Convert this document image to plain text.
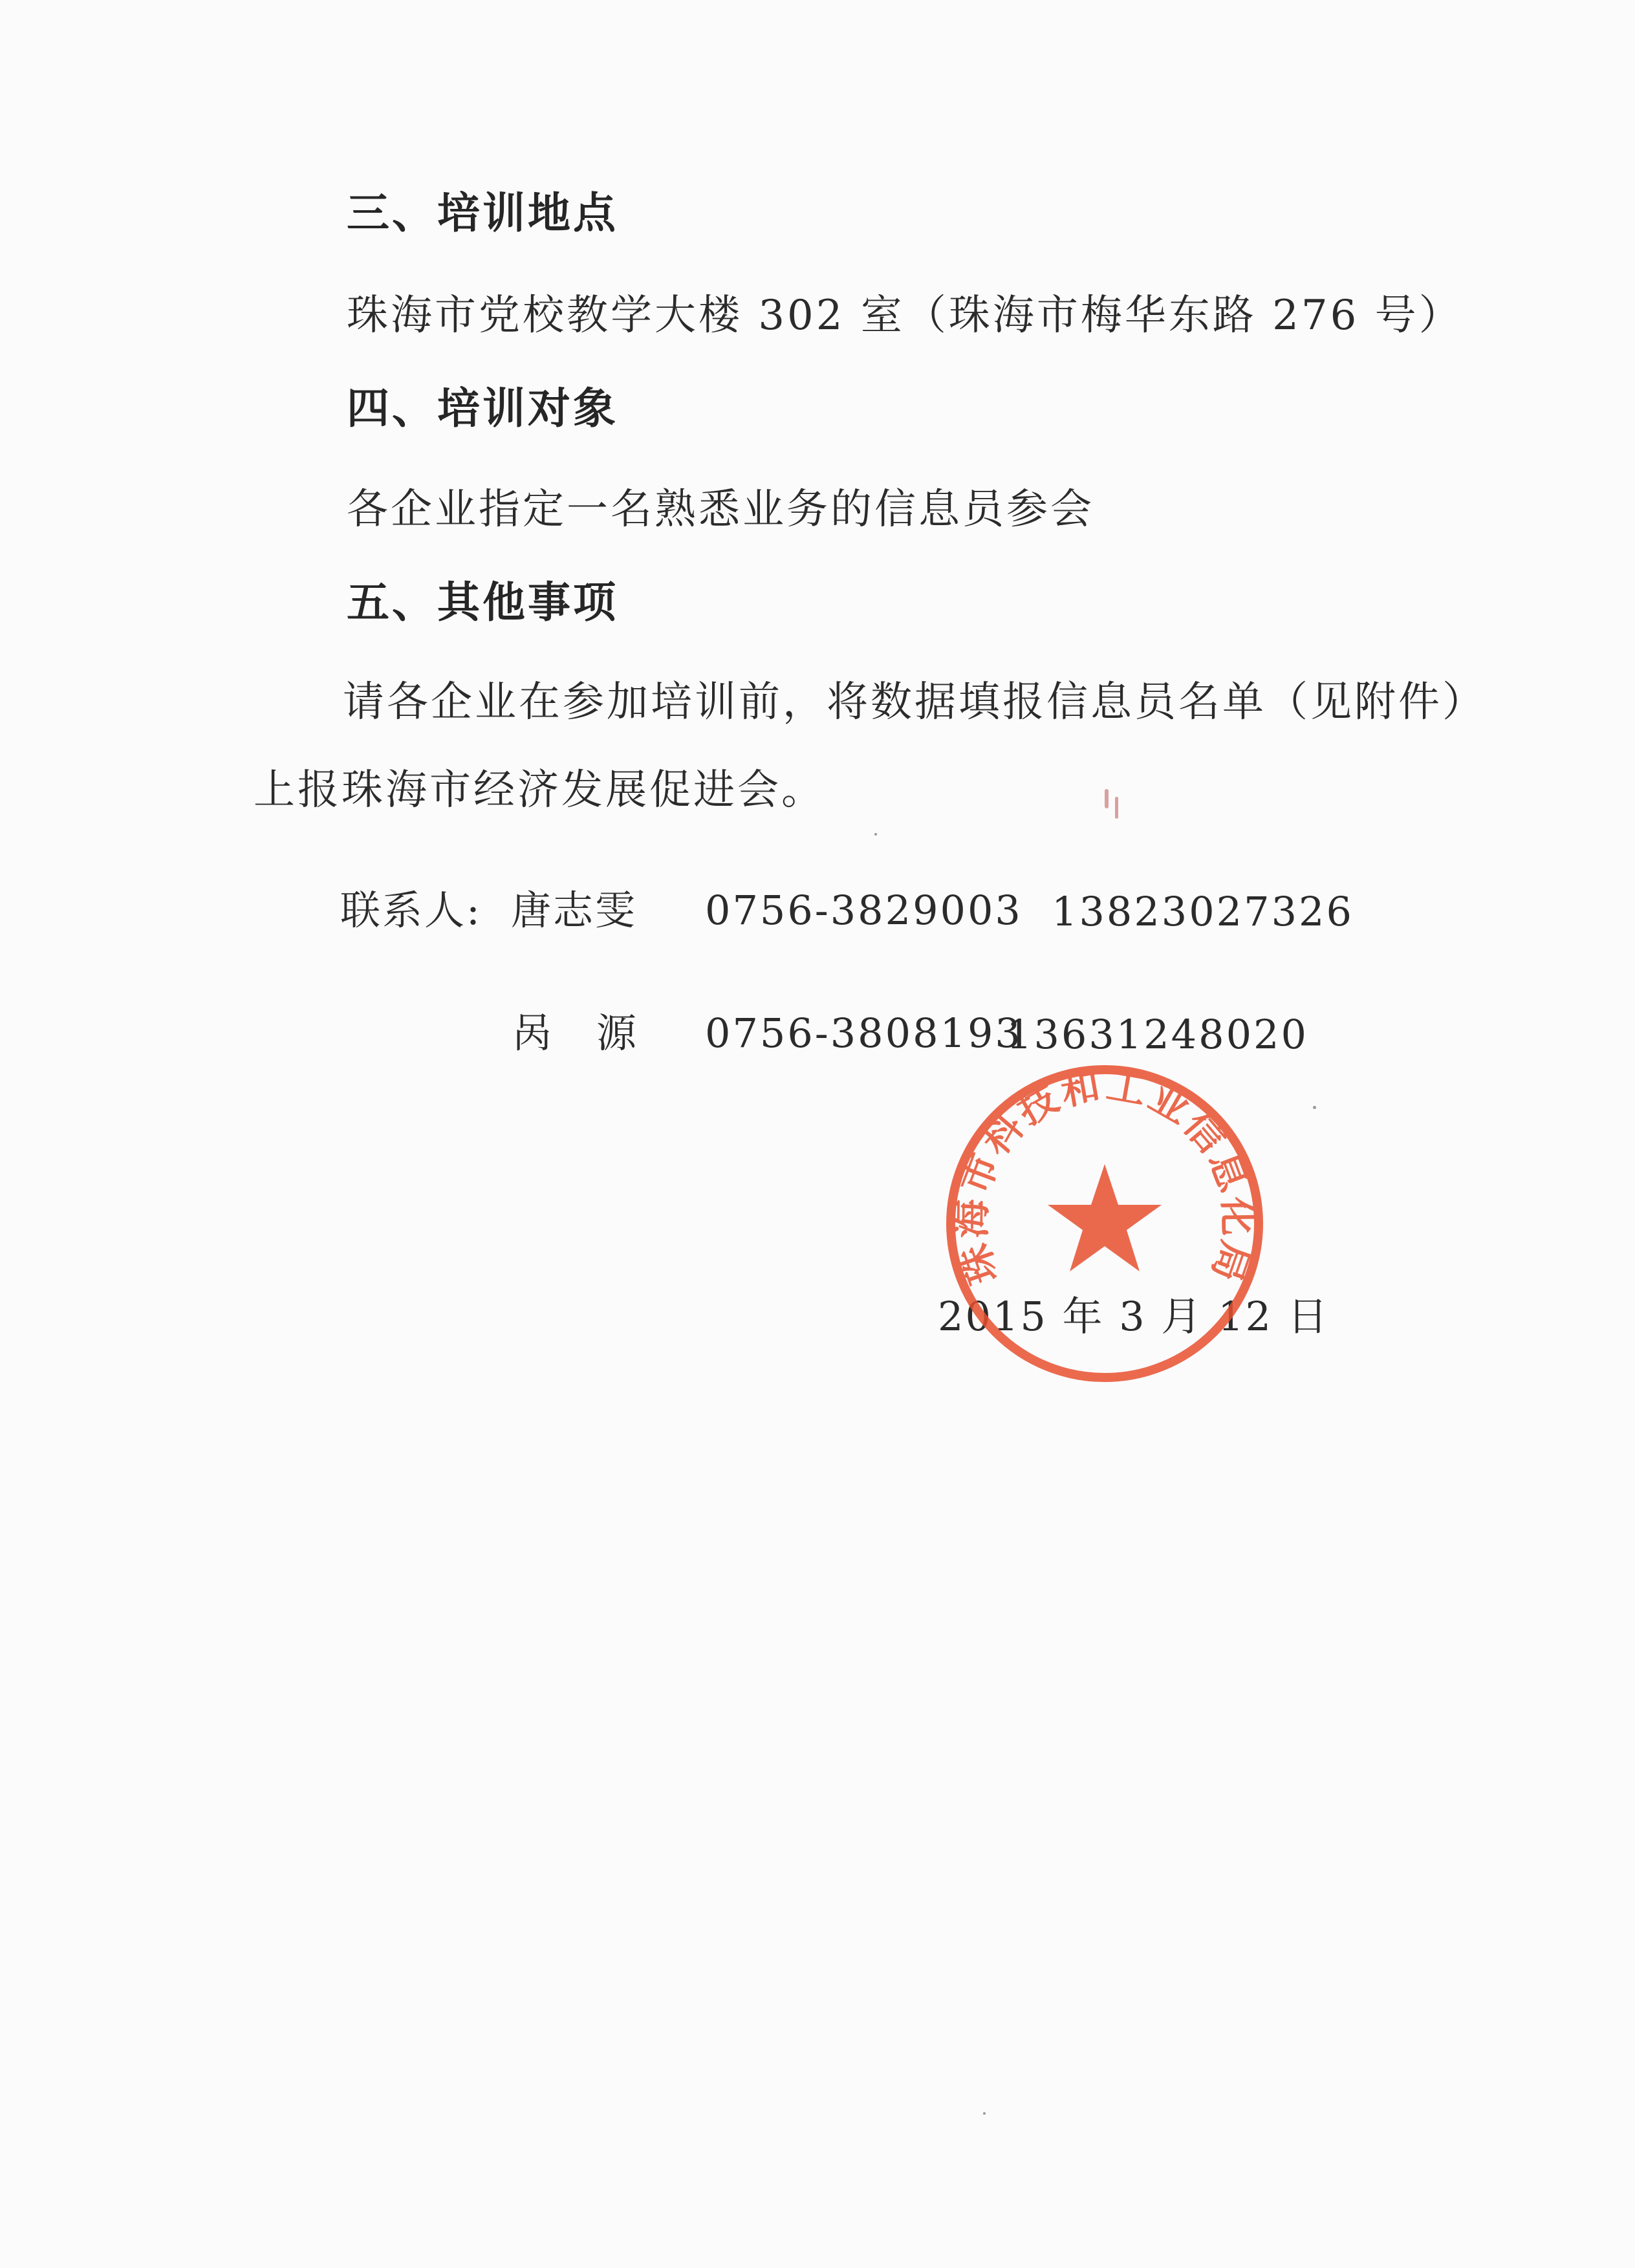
三、培训地点
珠海市党校教学大楼 302 室（珠海市梅华东路 276 号）
四、培训对象
各企业指定一名熟悉业务的信息员参会
五、其他事项
请各企业在参加培训前，将数据填报信息员名单（见附件）
上报珠海市经济发展促进会。
联系人: 唐志雯 0756-3829003 13823027326
呙　源 0756-3808193
13631248020
2015 年 3 月 12 日
珠海市科技和工业信息化局
